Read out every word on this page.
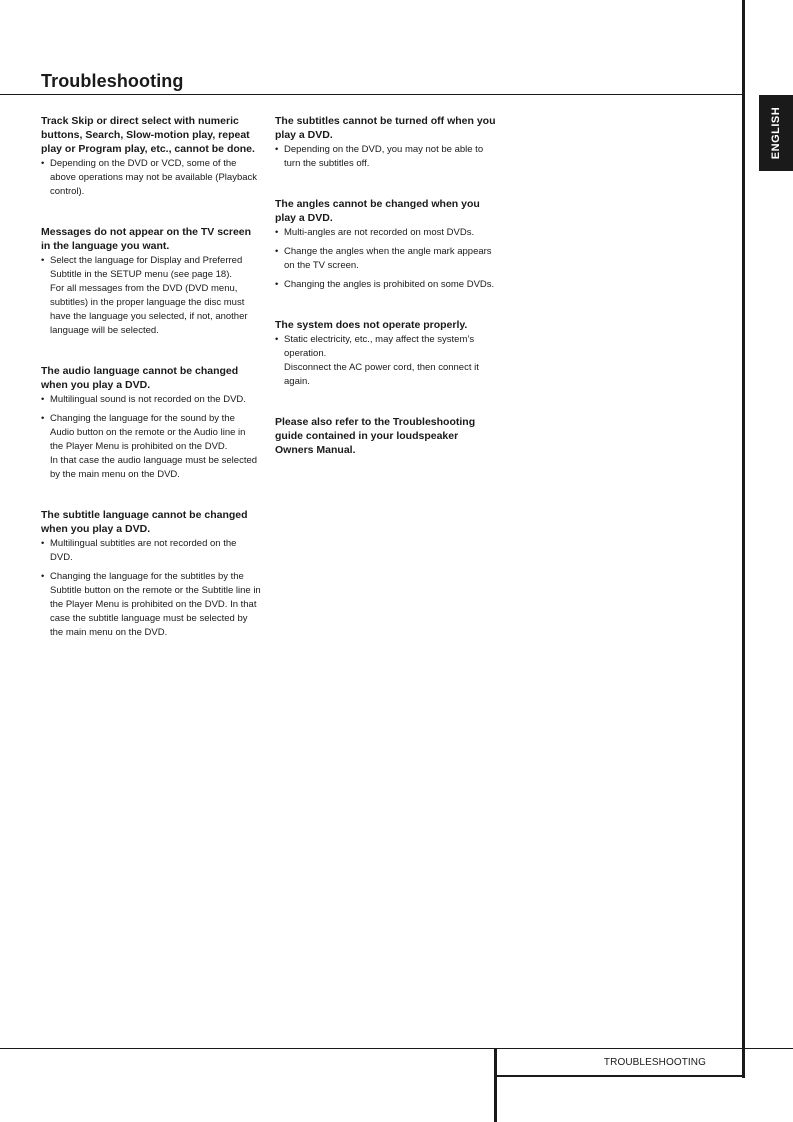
Troubleshooting
ENGLISH

Track Skip or direct select with numeric buttons, Search, Slow-motion play, repeat play or Program play, etc., cannot be done.

• Depending on the DVD or VCD, some of the above operations may not be available (Playback control).

Messages do not appear on the TV screen in the language you want.

• Select the language for Display and Preferred Subtitle in the SETUP menu (see page 18).
For all messages from the DVD (DVD menu, subtitles) in the proper language the disc must have the language you selected, if not, another language will be selected.

The audio language cannot be changed when you play a DVD.

• Multilingual sound is not recorded on the DVD.
• Changing the language for the sound by the Audio button on the remote or the Audio line in the Player Menu is prohibited on the DVD.
In that case the audio language must be selected by the main menu on the DVD.

The subtitle language cannot be changed when you play a DVD.

• Multilingual subtitles are not recorded on the DVD.
• Changing the language for the subtitles by the Subtitle button on the remote or the Subtitle line in the Player Menu is prohibited on the DVD. In that case the subtitle language must be selected by the main menu on the DVD.

The subtitles cannot be turned off when you play a DVD.

• Depending on the DVD, you may not be able to turn the subtitles off.

The angles cannot be changed when you play a DVD.

• Multi-angles are not recorded on most DVDs.
• Change the angles when the angle mark appears on the TV screen.
• Changing the angles is prohibited on some DVDs.

The system does not operate properly.

• Static electricity, etc., may affect the system’s operation.
Disconnect the AC power cord, then connect it again.

Please also refer to the Troubleshooting guide contained in your loudspeaker Owners Manual.

TROUBLESHOOTING
